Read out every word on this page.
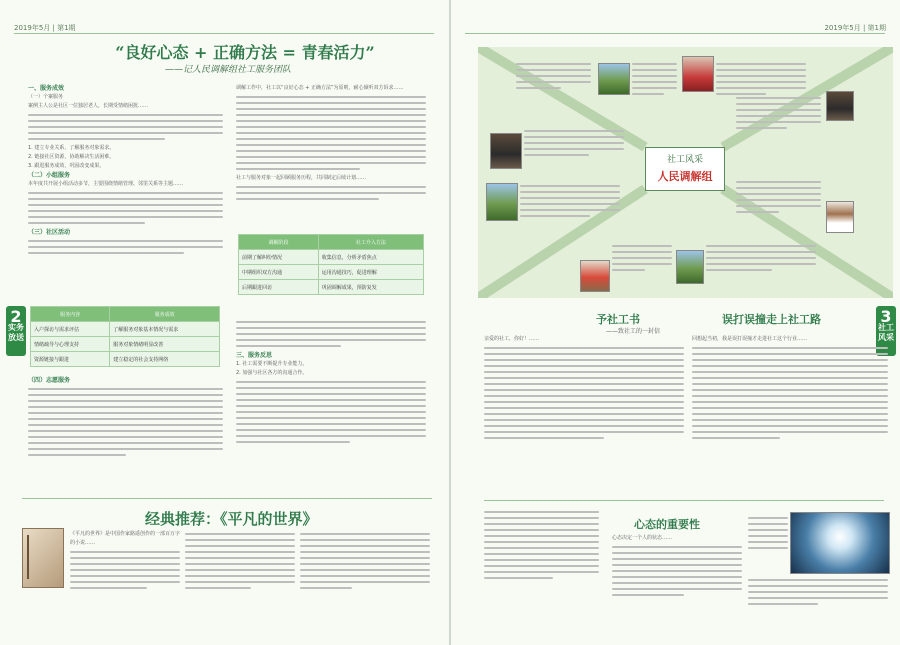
2019年5月 | 第1期
“良好心态 + 正确方法 = 青春活力”
——记人民调解组社工服务团队
一、服务成效
（一）个案服务
案例主人公是社区一位独居老人，长期受情绪困扰……
1. 建立专业关系，了解服务对象需求。
2. 链接社区资源，协助解决生活困难。
3. 跟进服务成效，巩固改变成果。
（二）小组服务
本年度共开展小组活动多节，主要围绕情绪管理、邻里关系等主题……
（三）社区活动
服务内容	服务成效
入户探访与需求评估	了解服务对象基本情况与需求
情绪疏导与心理支持	服务对象情绪明显改善
资源链接与跟进	建立稳定的社会支持网络
（四）志愿服务
调解工作中，社工以“良好心态 + 正确方法”为原则，耐心倾听双方诉求……
社工与服务对象一起回顾服务历程，共同制定后续计划……
调解阶段	社工介入方法
前期了解纠纷情况	收集信息，分析矛盾焦点
中期组织双方沟通	运用沟通技巧，促进理解
后期跟进回访	巩固调解成果，预防复发
三、服务反思
1. 社工需要不断提升专业能力。
2. 加强与社区各方的沟通合作。
2
实务放送
经典推荐：《平凡的世界》
《平凡的世界》是中国作家路遥创作的一部百万字的小说……
2019年5月 | 第1期
3
社工风采
社工风采
人民调解组
予社工书
——致社工的一封信
亲爱的社工，你好！……
误打误撞走上社工路
回想起当初，我是误打误撞才走进社工这个行业……
心态的重要性
心态决定一个人的状态……
